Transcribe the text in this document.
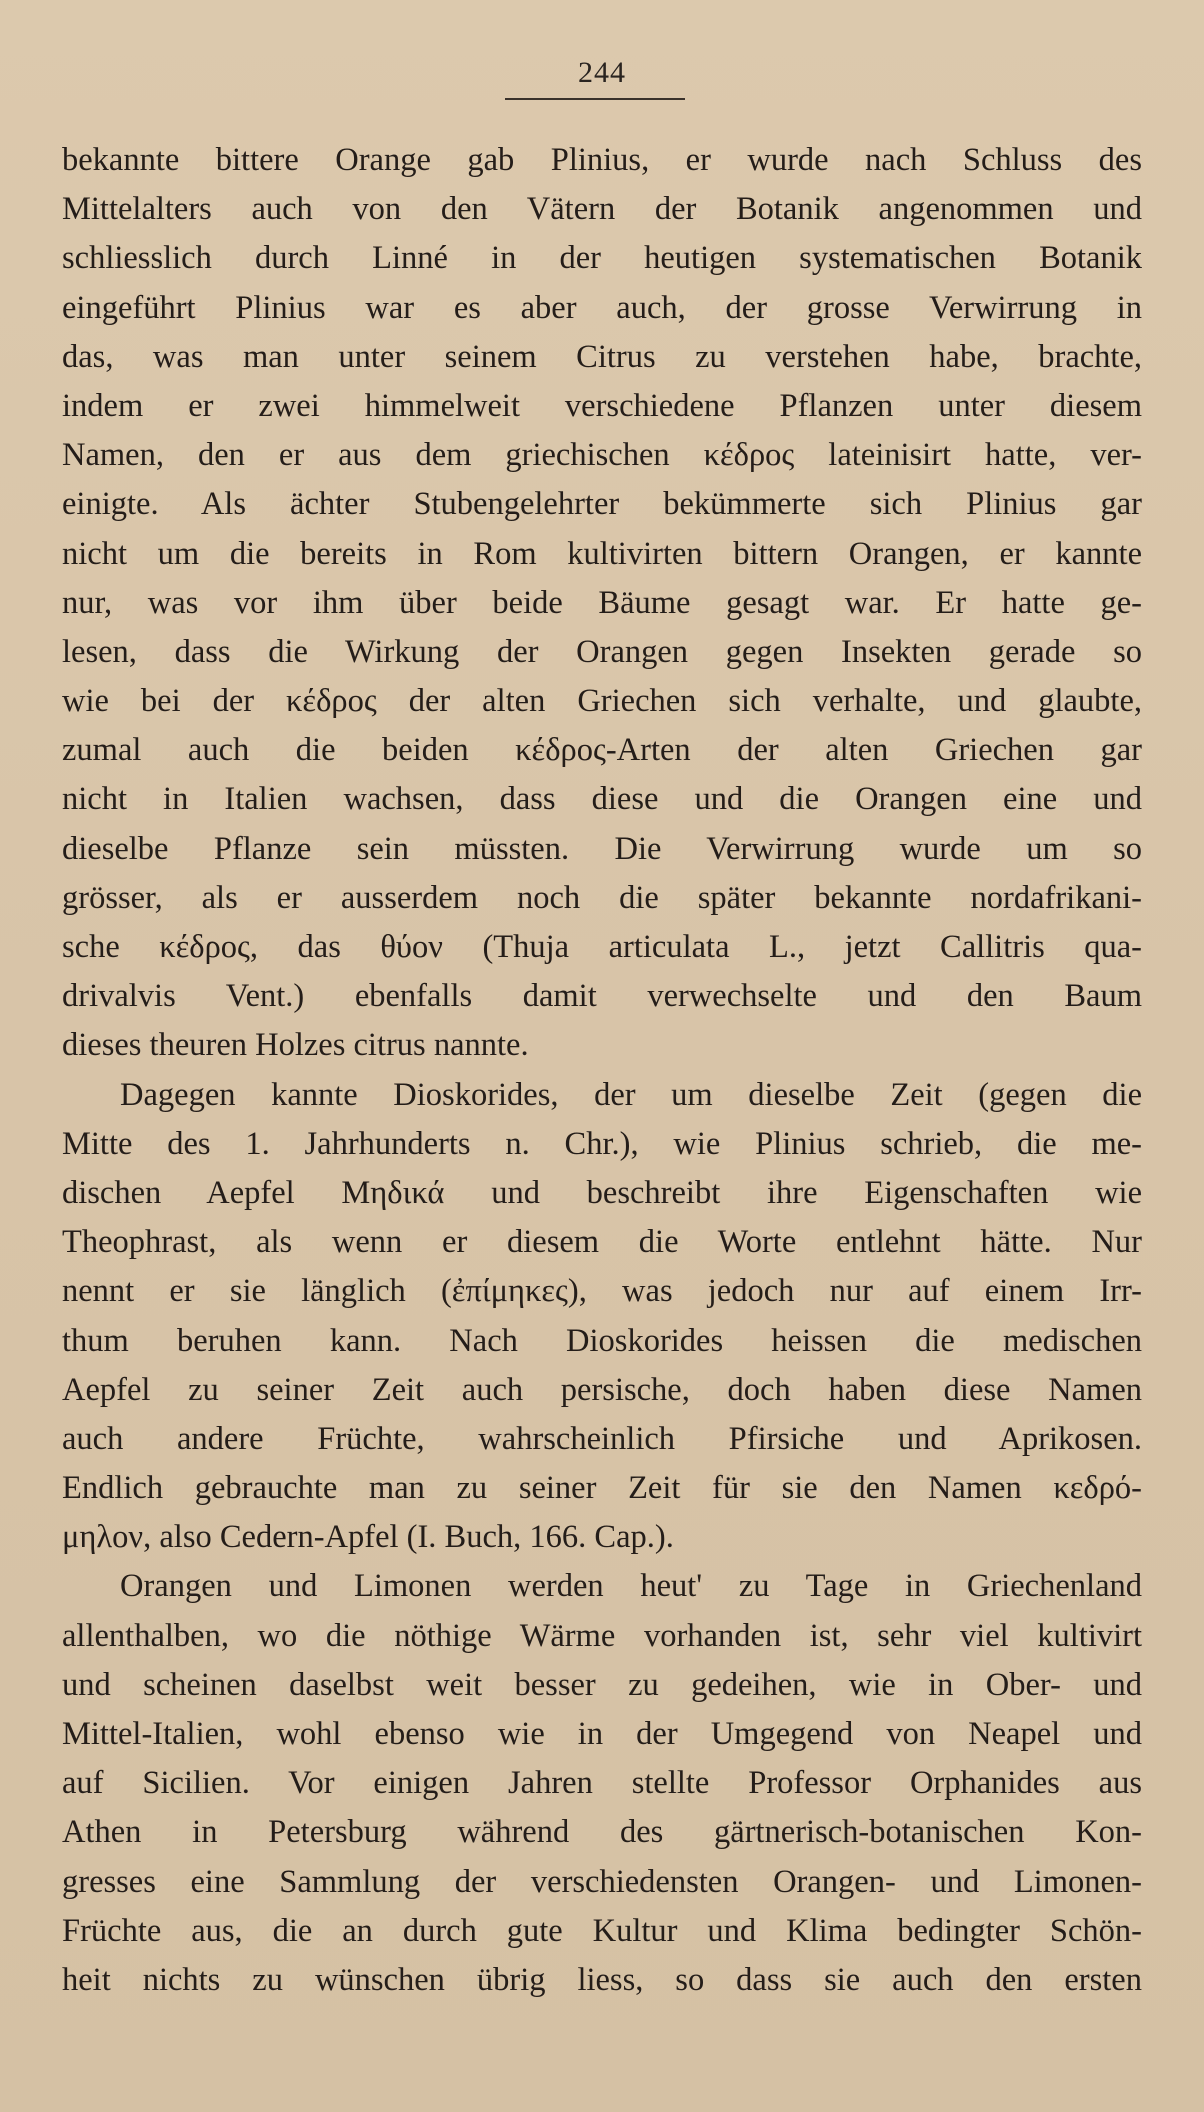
244
bekannte bittere Orange gab Plinius, er wurde nach Schluss des
Mittelalters auch von den Vätern der Botanik angenommen und
schliesslich durch Linné in der heutigen systematischen Botanik
eingeführt Plinius war es aber auch, der grosse Verwirrung in
das, was man unter seinem Citrus zu verstehen habe, brachte,
indem er zwei himmelweit verschiedene Pflanzen unter diesem
Namen, den er aus dem griechischen κέδρος lateinisirt hatte, ver-
einigte. Als ächter Stubengelehrter bekümmerte sich Plinius gar
nicht um die bereits in Rom kultivirten bittern Orangen, er kannte
nur, was vor ihm über beide Bäume gesagt war. Er hatte ge-
lesen, dass die Wirkung der Orangen gegen Insekten gerade so
wie bei der κέδρος der alten Griechen sich verhalte, und glaubte,
zumal auch die beiden κέδρος-Arten der alten Griechen gar
nicht in Italien wachsen, dass diese und die Orangen eine und
dieselbe Pflanze sein müssten. Die Verwirrung wurde um so
grösser, als er ausserdem noch die später bekannte nordafrikani-
sche κέδρος, das θύον (Thuja articulata L., jetzt Callitris qua-
drivalvis Vent.) ebenfalls damit verwechselte und den Baum
dieses theuren Holzes citrus nannte.
Dagegen kannte Dioskorides, der um dieselbe Zeit (gegen die
Mitte des 1. Jahrhunderts n. Chr.), wie Plinius schrieb, die me-
dischen Aepfel Μηδικά und beschreibt ihre Eigenschaften wie
Theophrast, als wenn er diesem die Worte entlehnt hätte. Nur
nennt er sie länglich (ἐπίμηκες), was jedoch nur auf einem Irr-
thum beruhen kann. Nach Dioskorides heissen die medischen
Aepfel zu seiner Zeit auch persische, doch haben diese Namen
auch andere Früchte, wahrscheinlich Pfirsiche und Aprikosen.
Endlich gebrauchte man zu seiner Zeit für sie den Namen κεδρό-
μηλον, also Cedern-Apfel (I. Buch, 166. Cap.).
Orangen und Limonen werden heut' zu Tage in Griechenland
allenthalben, wo die nöthige Wärme vorhanden ist, sehr viel kultivirt
und scheinen daselbst weit besser zu gedeihen, wie in Ober- und
Mittel-Italien, wohl ebenso wie in der Umgegend von Neapel und
auf Sicilien. Vor einigen Jahren stellte Professor Orphanides aus
Athen in Petersburg während des gärtnerisch-botanischen Kon-
gresses eine Sammlung der verschiedensten Orangen- und Limonen-
Früchte aus, die an durch gute Kultur und Klima bedingter Schön-
heit nichts zu wünschen übrig liess, so dass sie auch den ersten
